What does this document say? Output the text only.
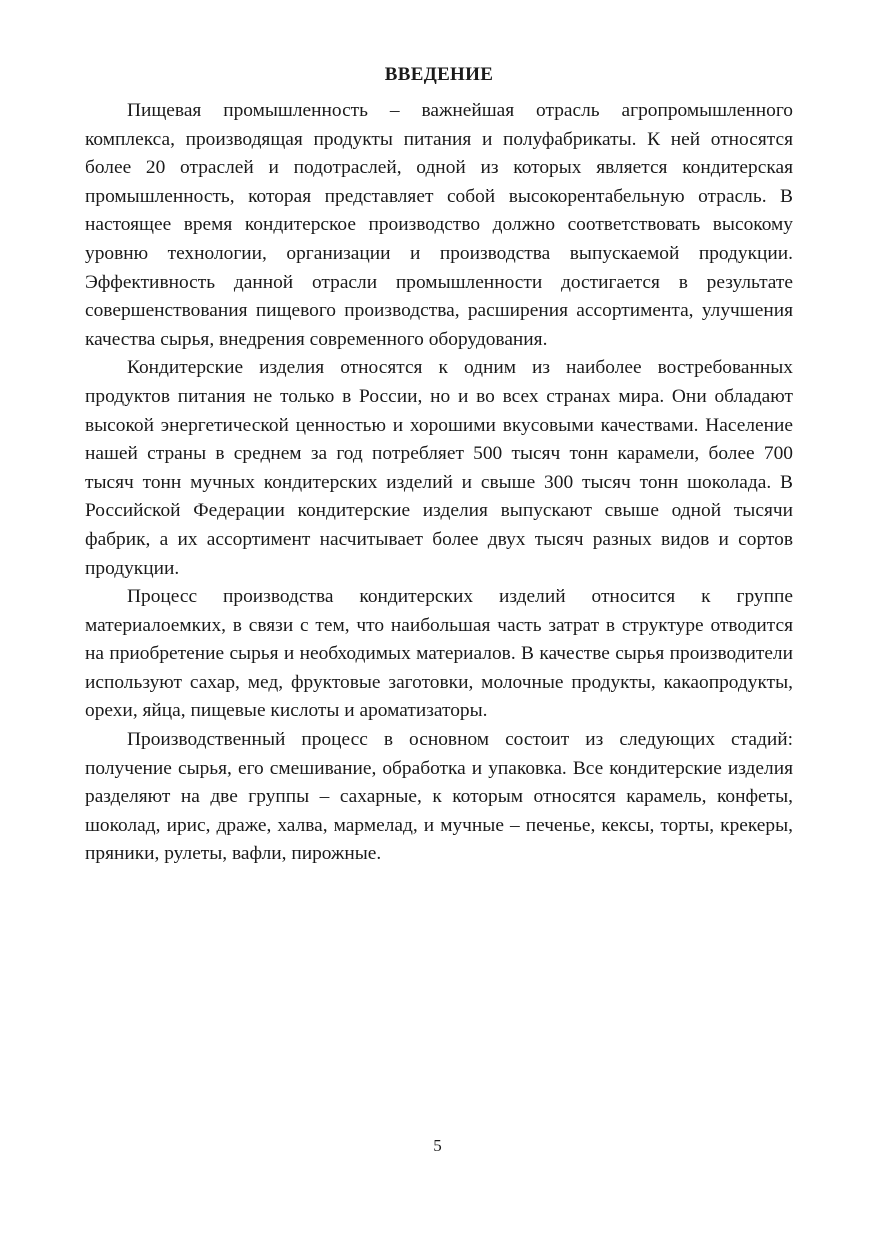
ВВЕДЕНИЕ

Пищевая промышленность – важнейшая отрасль агропромышленного комплекса, производящая продукты питания и полуфабрикаты. К ней относятся более 20 отраслей и подотраслей, одной из которых является кондитерская промышленность, которая представляет собой высокорентабельную отрасль. В настоящее время кондитерское производство должно соответствовать высокому уровню технологии, организации и производства выпускаемой продукции. Эффективность данной отрасли промышленности достигается в результате совершенствования пищевого производства, расширения ассортимента, улучшения качества сырья, внедрения современного оборудования.

Кондитерские изделия относятся к одним из наиболее востребованных продуктов питания не только в России, но и во всех странах мира. Они обладают высокой энергетической ценностью и хорошими вкусовыми качествами. Население нашей страны в среднем за год потребляет 500 тысяч тонн карамели, более 700 тысяч тонн мучных кондитерских изделий и свыше 300 тысяч тонн шоколада. В Российской Федерации кондитерские изделия выпускают свыше одной тысячи фабрик, а их ассортимент насчитывает более двух тысяч разных видов и сортов продукции.

Процесс производства кондитерских изделий относится к группе материалоемких, в связи с тем, что наибольшая часть затрат в структуре отводится на приобретение сырья и необходимых материалов. В качестве сырья производители используют сахар, мед, фруктовые заготовки, молочные продукты, какаопродукты, орехи, яйца, пищевые кислоты и ароматизаторы.

Производственный процесс в основном состоит из следующих стадий: получение сырья, его смешивание, обработка и упаковка. Все кондитерские изделия разделяют на две группы – сахарные, к которым относятся карамель, конфеты, шоколад, ирис, драже, халва, мармелад, и мучные – печенье, кексы, торты, крекеры, пряники, рулеты, вафли, пирожные.

5
